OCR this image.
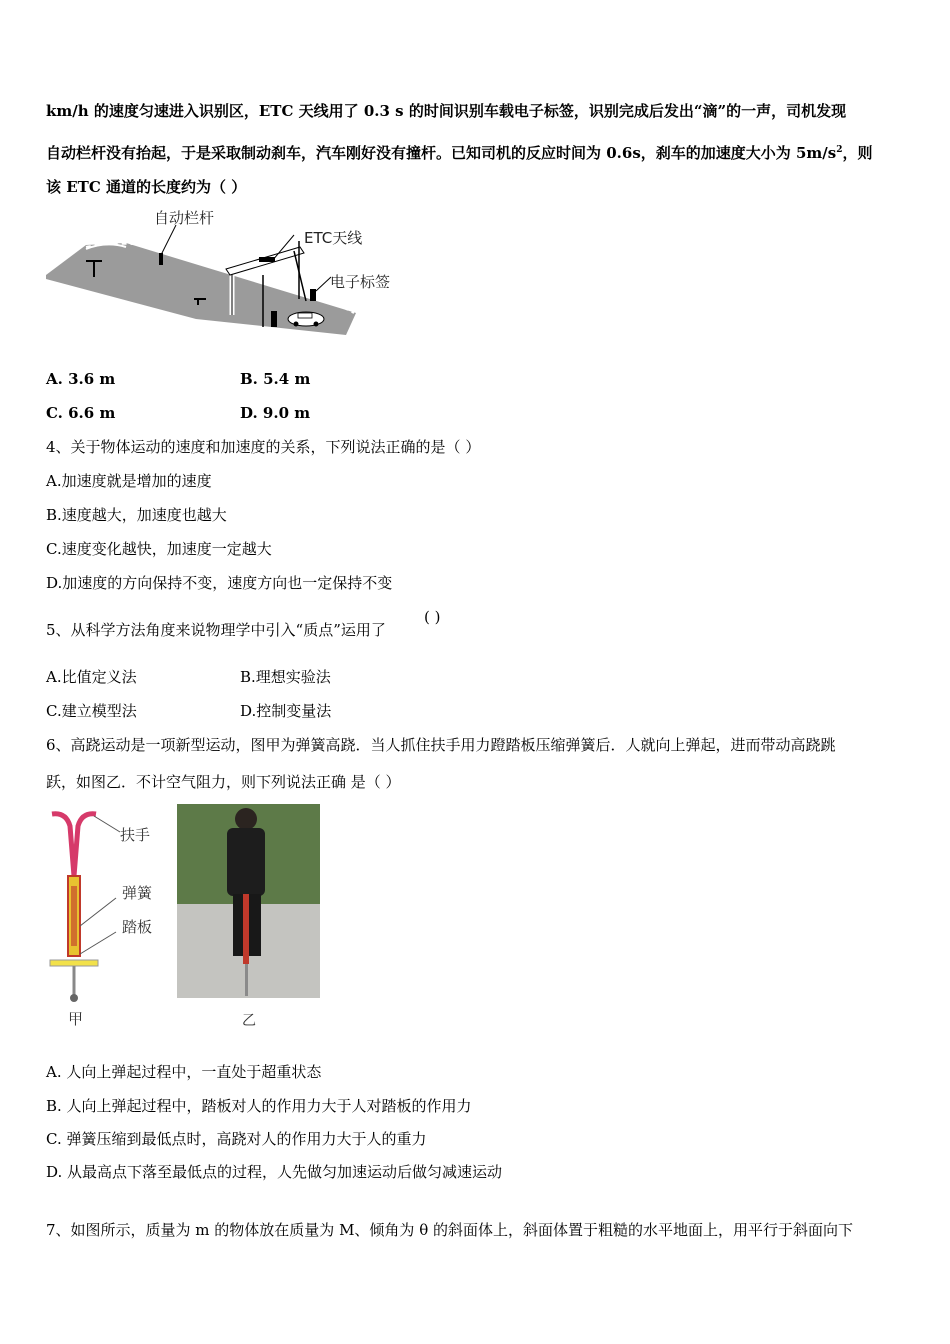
km/h 的速度匀速进入识别区，ETC 天线用了 0.3 s 的时间识别车载电子标签，识别完成后发出“滴”的一声，司机发现
自动栏杆没有抬起，于是采取制动刹车，汽车刚好没有撞杆。已知司机的反应时间为 0.6s，刹车的加速度大小为 $5m/s^2$，则
该 ETC 通道的长度约为（ ）
自动栏杆
ETC天线
电子标签
A. 3.6 m	B. 5.4 m
C. 6.6 m	D. 9.0 m
4、关于物体运动的速度和加速度的关系，下列说法正确的是（ ）
A.加速度就是增加的速度
B.速度越大，加速度也越大
C.速度变化越快，加速度一定越大
D.加速度的方向保持不变，速度方向也一定保持不变
5、从科学方法角度来说物理学中引入“质点”运用了
( )
A.比值定义法	B.理想实验法
C.建立模型法	D.控制变量法
6、高跷运动是一项新型运动，图甲为弹簧高跷．当人抓住扶手用力蹬踏板压缩弹簧后．人就向上弹起，进而带动高跷跳
跃，如图乙．不计空气阻力，则下列说法正确 是（ ）
扶手
弹簧
踏板
甲	乙
A. 人向上弹起过程中，一直处于超重状态
B. 人向上弹起过程中，踏板对人的作用力大于人对踏板的作用力
C. 弹簧压缩到最低点时，高跷对人的作用力大于人的重力
D. 从最高点下落至最低点的过程，人先做匀加速运动后做匀减速运动
7、如图所示，质量为 m 的物体放在质量为 M、倾角为 θ 的斜面体上，斜面体置于粗糙的水平地面上，用平行于斜面向下
